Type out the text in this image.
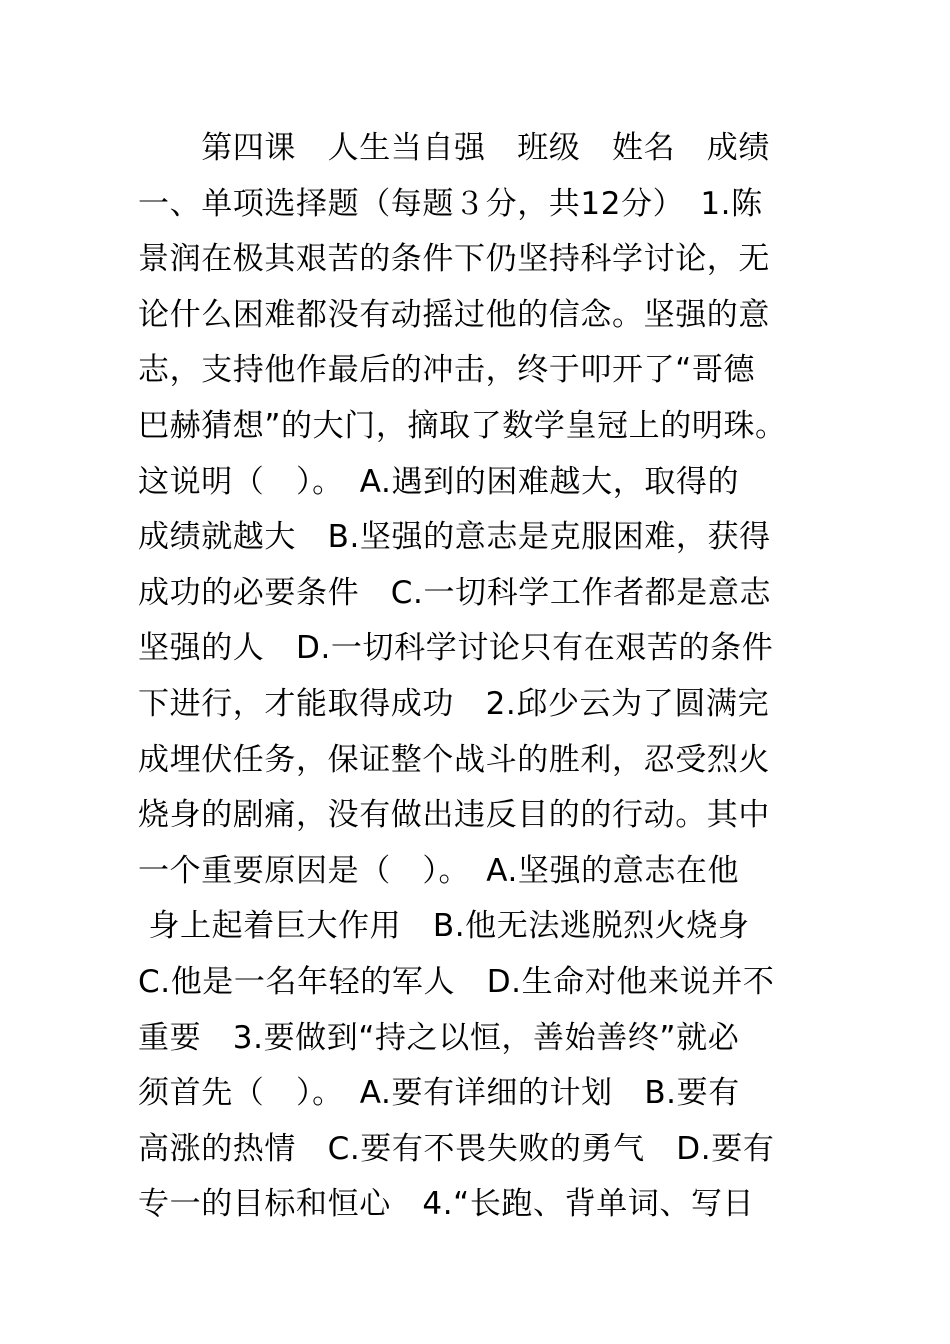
　　第四课　人生当自强　班级　姓名　成绩
一、单项选择题（每题３分，共12分）　1.陈
景润在极其艰苦的条件下仍坚持科学讨论，无
论什么困难都没有动摇过他的信念。坚强的意
志，支持他作最后的冲击，终于叩开了“哥德
巴赫猜想”的大门，摘取了数学皇冠上的明珠。
这说明（　）。　A.遇到的困难越大，取得的
成绩就越大　B.坚强的意志是克服困难，获得
成功的必要条件　C.一切科学工作者都是意志
坚强的人　D.一切科学讨论只有在艰苦的条件
下进行，才能取得成功　2.邱少云为了圆满完
成埋伏任务，保证整个战斗的胜利，忍受烈火
烧身的剧痛，没有做出违反目的的行动。其中
一个重要原因是（　）。　A.坚强的意志在他
身上起着巨大作用　B.他无法逃脱烈火烧身
C.他是一名年轻的军人　D.生命对他来说并不
重要　3.要做到“持之以恒，善始善终”就必
须首先（　）。　A.要有详细的计划　B.要有
高涨的热情　C.要有不畏失败的勇气　D.要有
专一的目标和恒心　4.“长跑、背单词、写日
